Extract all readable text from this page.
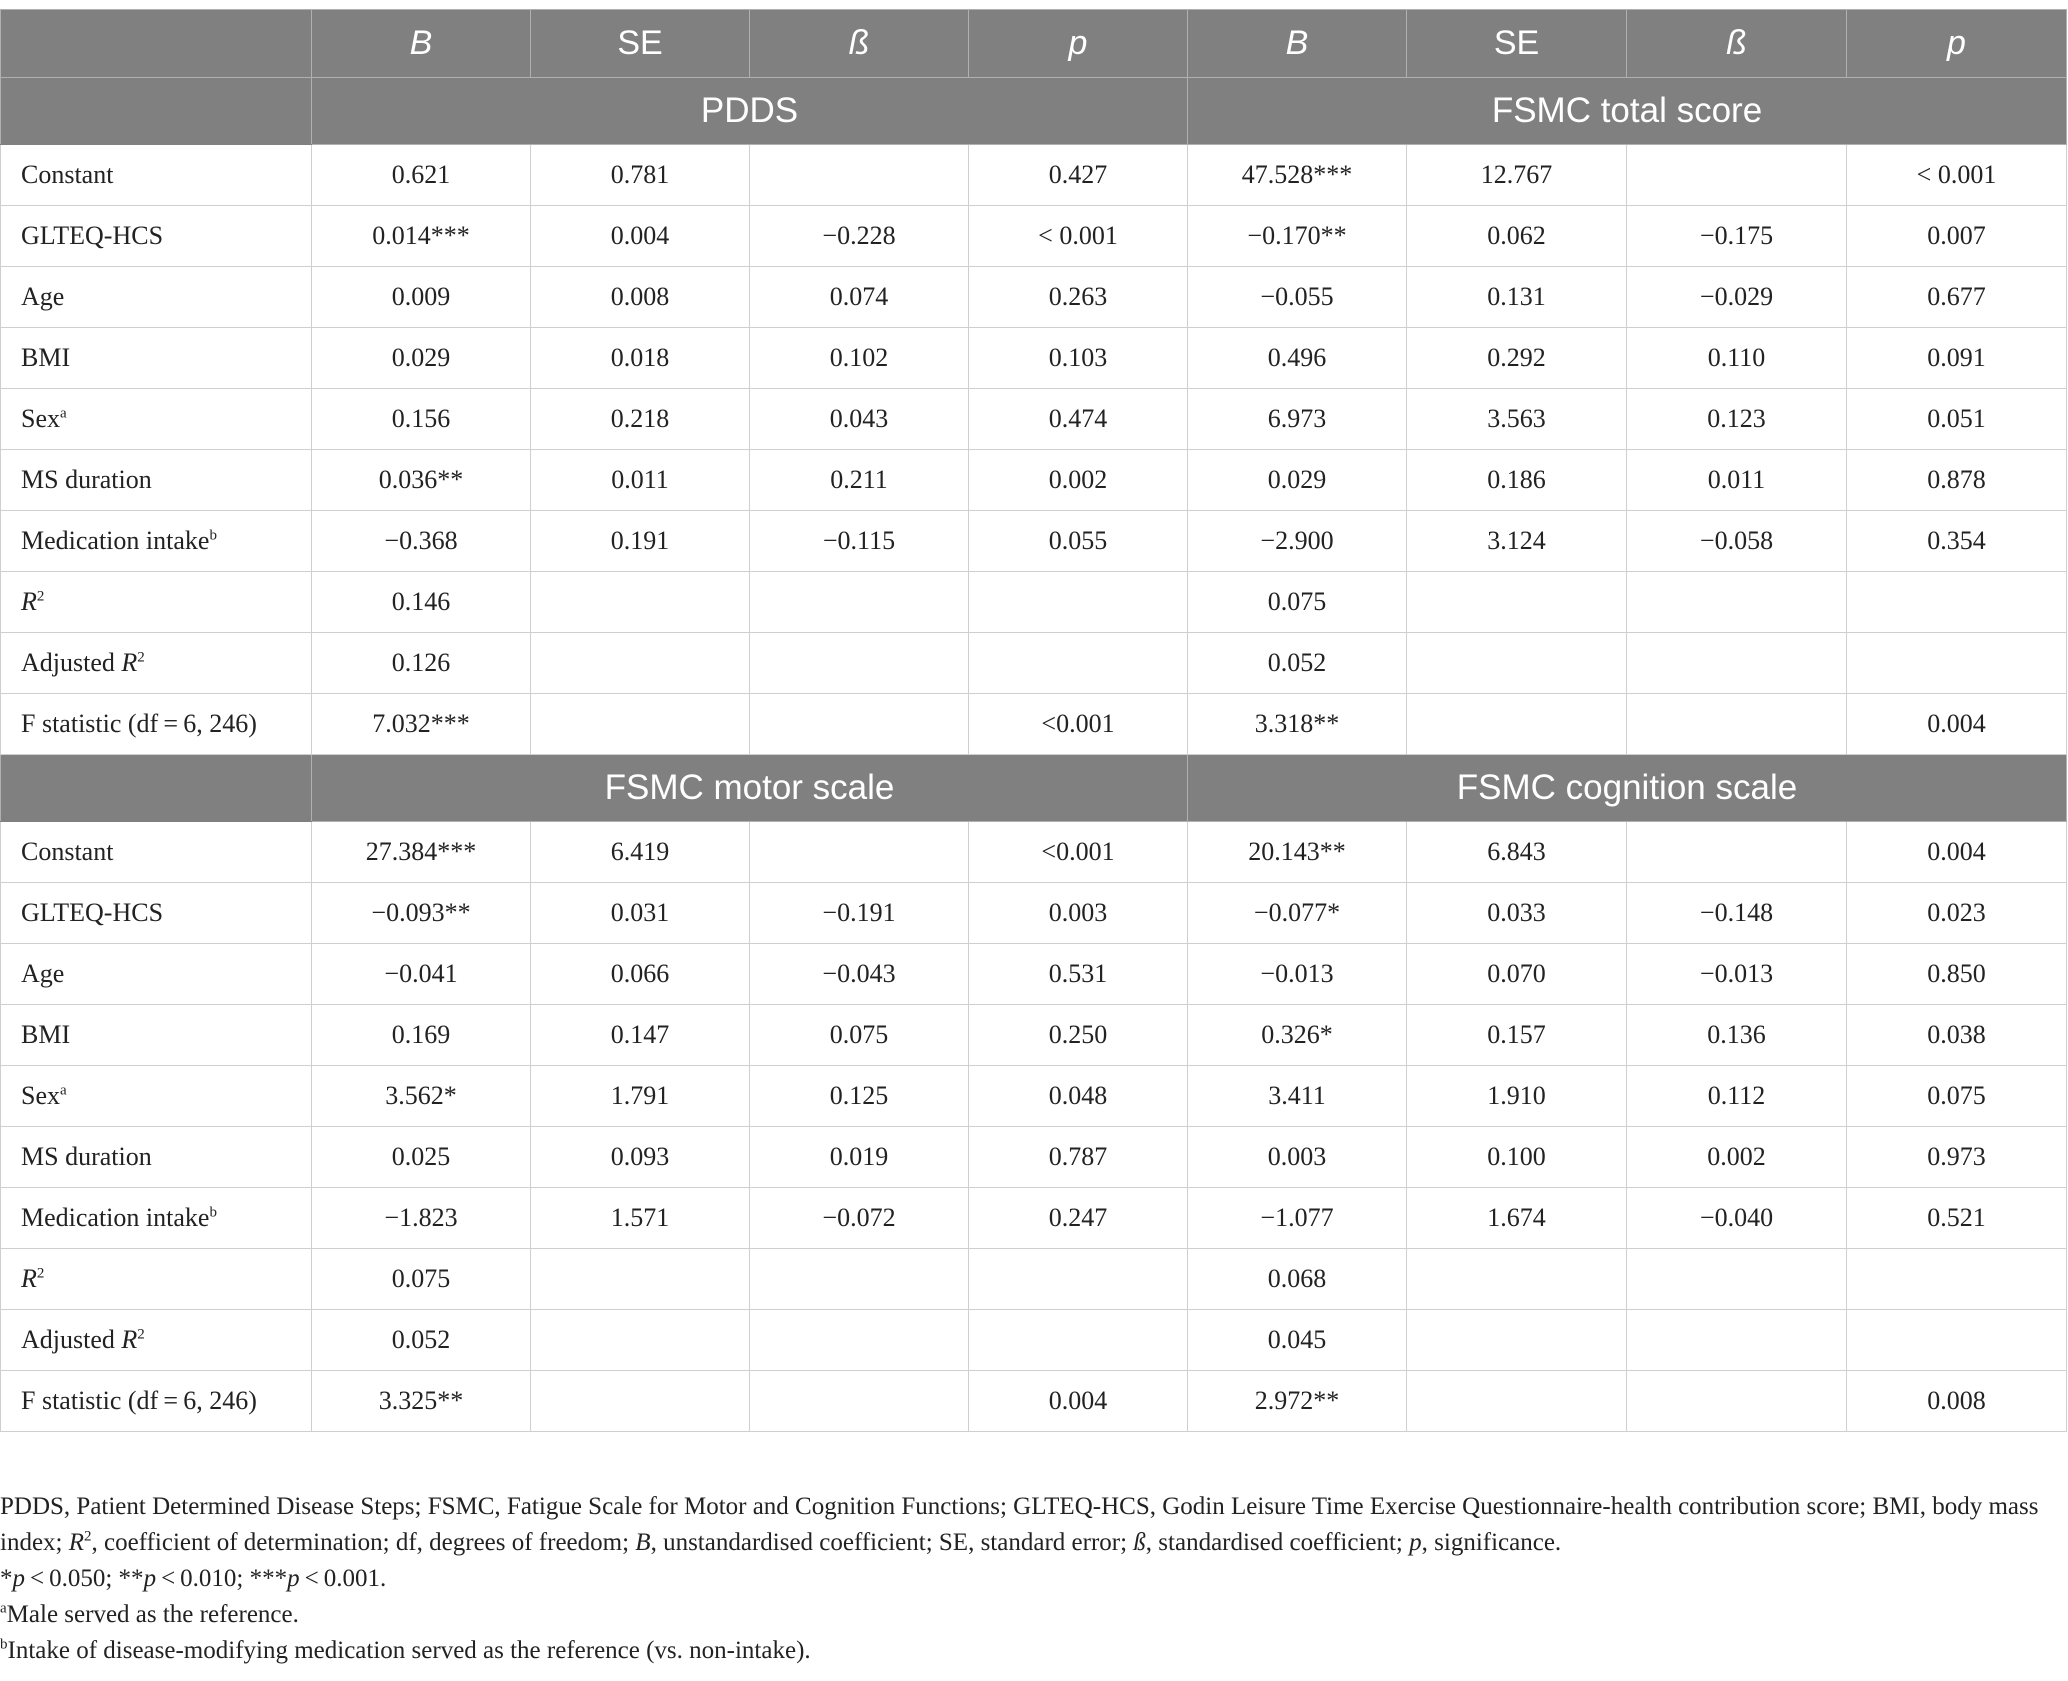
	B	SE	ß	p	B	SE	ß	p
	PDDS				FSMC total score			
Constant	0.621	0.781		0.427	47.528***	12.767		< 0.001
GLTEQ-HCS	0.014***	0.004	−0.228	< 0.001	−0.170**	0.062	−0.175	0.007
Age	0.009	0.008	0.074	0.263	−0.055	0.131	−0.029	0.677
BMI	0.029	0.018	0.102	0.103	0.496	0.292	0.110	0.091
Sex$^a$	0.156	0.218	0.043	0.474	6.973	3.563	0.123	0.051
MS duration	0.036**	0.011	0.211	0.002	0.029	0.186	0.011	0.878
Medication intake$^b$	−0.368	0.191	−0.115	0.055	−2.900	3.124	−0.058	0.354
$R^2$	0.146				0.075			
Adjusted $R^2$	0.126				0.052			
F statistic (df = 6, 246)	7.032***			<0.001	3.318**			0.004
	FSMC motor scale				FSMC cognition scale			
Constant	27.384***	6.419		<0.001	20.143**	6.843		0.004
GLTEQ-HCS	−0.093**	0.031	−0.191	0.003	−0.077*	0.033	−0.148	0.023
Age	−0.041	0.066	−0.043	0.531	−0.013	0.070	−0.013	0.850
BMI	0.169	0.147	0.075	0.250	0.326*	0.157	0.136	0.038
Sex$^a$	3.562*	1.791	0.125	0.048	3.411	1.910	0.112	0.075
MS duration	0.025	0.093	0.019	0.787	0.003	0.100	0.002	0.973
Medication intake$^b$	−1.823	1.571	−0.072	0.247	−1.077	1.674	−0.040	0.521
$R^2$	0.075				0.068			
Adjusted $R^2$	0.052				0.045			
F statistic (df = 6, 246)	3.325**			0.004	2.972**			0.008

PDDS, Patient Determined Disease Steps; FSMC, Fatigue Scale for Motor and Cognition Functions; GLTEQ-HCS, Godin Leisure Time Exercise Questionnaire-health contribution score; BMI, body mass index; $R^2$, coefficient of determination; df, degrees of freedom; B, unstandardised coefficient; SE, standard error; ß, standardised coefficient; p, significance.

*p < 0.050; **p < 0.010; ***p < 0.001.

$^a$Male served as the reference.

$^b$Intake of disease-modifying medication served as the reference (vs. non-intake).
